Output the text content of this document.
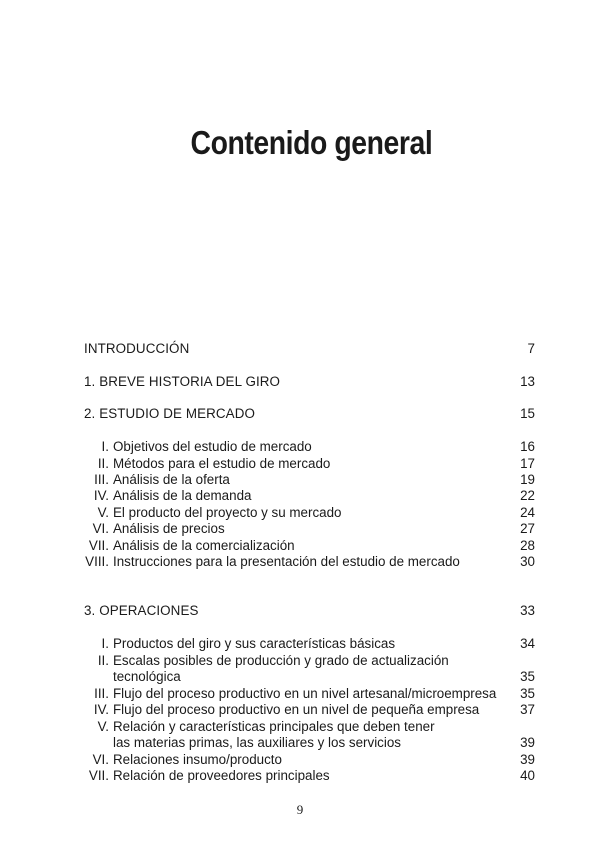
Contenido general
INTRODUCCIÓN	7
1. BREVE HISTORIA DEL GIRO	13
2. ESTUDIO DE MERCADO	15
I. Objetivos del estudio de mercado	16
II. Métodos para el estudio de mercado	17
III. Análisis de la oferta	19
IV. Análisis de la demanda	22
V. El producto del proyecto y su mercado	24
VI. Análisis de precios	27
VII. Análisis de la comercialización	28
VIII. Instrucciones para la presentación del estudio de mercado	30
3. OPERACIONES	33
I. Productos del giro y sus características básicas	34
II. Escalas posibles de producción y grado de actualización
tecnológica	35
III. Flujo del proceso productivo en un nivel artesanal/microempresa 35
IV. Flujo del proceso productivo en un nivel de pequeña empresa	37
V. Relación y características principales que deben tener
las materias primas, las auxiliares y los servicios	39
VI. Relaciones insumo/producto	39
VII. Relación de proveedores principales	40
9
